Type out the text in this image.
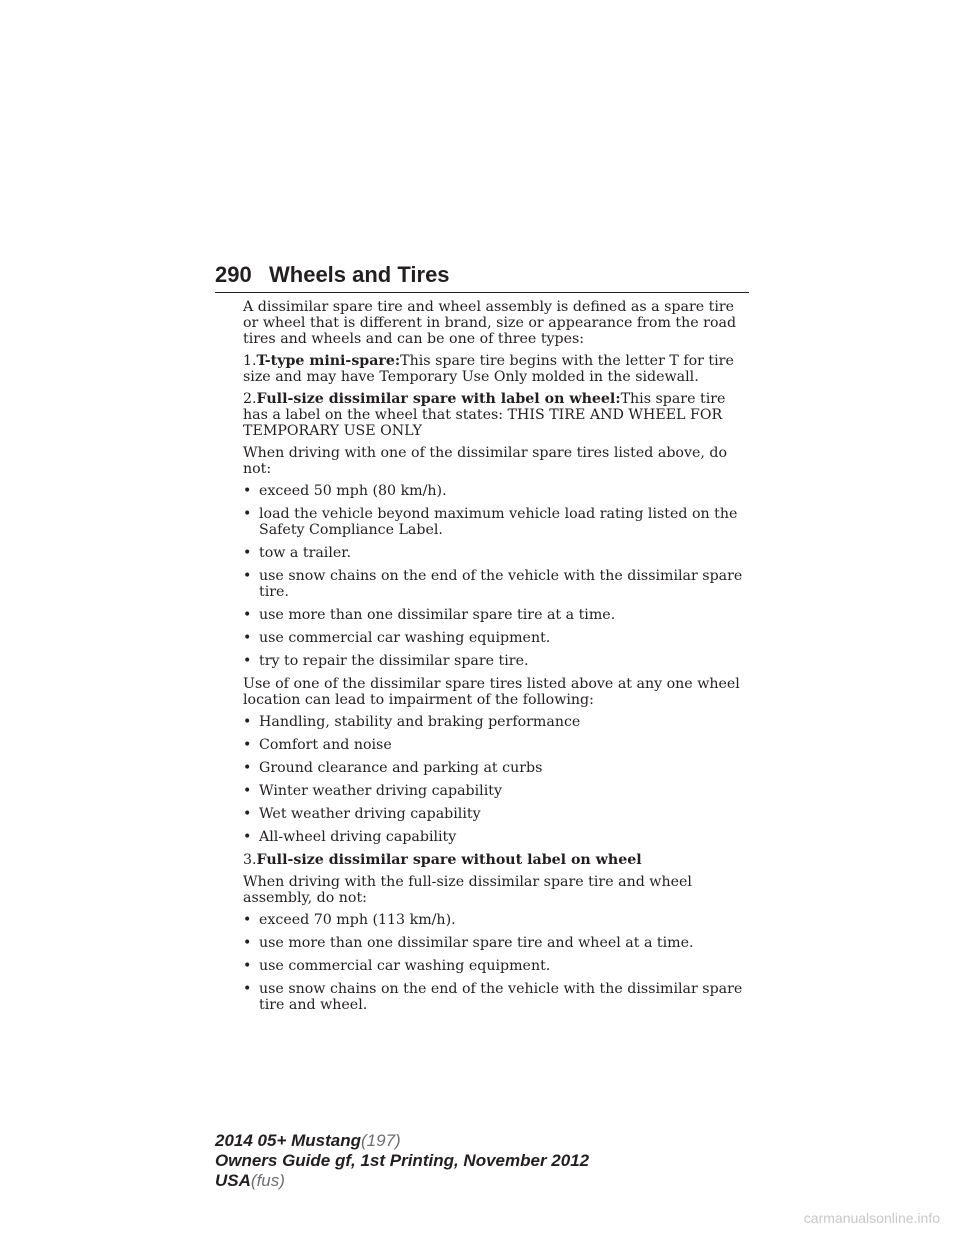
290 Wheels and Tires

A dissimilar spare tire and wheel assembly is defined as a spare tire or wheel that is different in brand, size or appearance from the road tires and wheels and can be one of three types:

1.T-type mini-spare:This spare tire begins with the letter T for tire size and may have Temporary Use Only molded in the sidewall.

2.Full-size dissimilar spare with label on wheel:This spare tire has a label on the wheel that states: THIS TIRE AND WHEEL FOR TEMPORARY USE ONLY

When driving with one of the dissimilar spare tires listed above, do not:

• exceed 50 mph (80 km/h).
• load the vehicle beyond maximum vehicle load rating listed on the Safety Compliance Label.
• tow a trailer.
• use snow chains on the end of the vehicle with the dissimilar spare tire.
• use more than one dissimilar spare tire at a time.
• use commercial car washing equipment.
• try to repair the dissimilar spare tire.

Use of one of the dissimilar spare tires listed above at any one wheel location can lead to impairment of the following:

• Handling, stability and braking performance
• Comfort and noise
• Ground clearance and parking at curbs
• Winter weather driving capability
• Wet weather driving capability
• All-wheel driving capability

3.Full-size dissimilar spare without label on wheel

When driving with the full-size dissimilar spare tire and wheel assembly, do not:

• exceed 70 mph (113 km/h).
• use more than one dissimilar spare tire and wheel at a time.
• use commercial car washing equipment.
• use snow chains on the end of the vehicle with the dissimilar spare tire and wheel.
2014 05+ Mustang(197)
Owners Guide gf, 1st Printing, November 2012
USA(fus)
carmanualsonline.info
